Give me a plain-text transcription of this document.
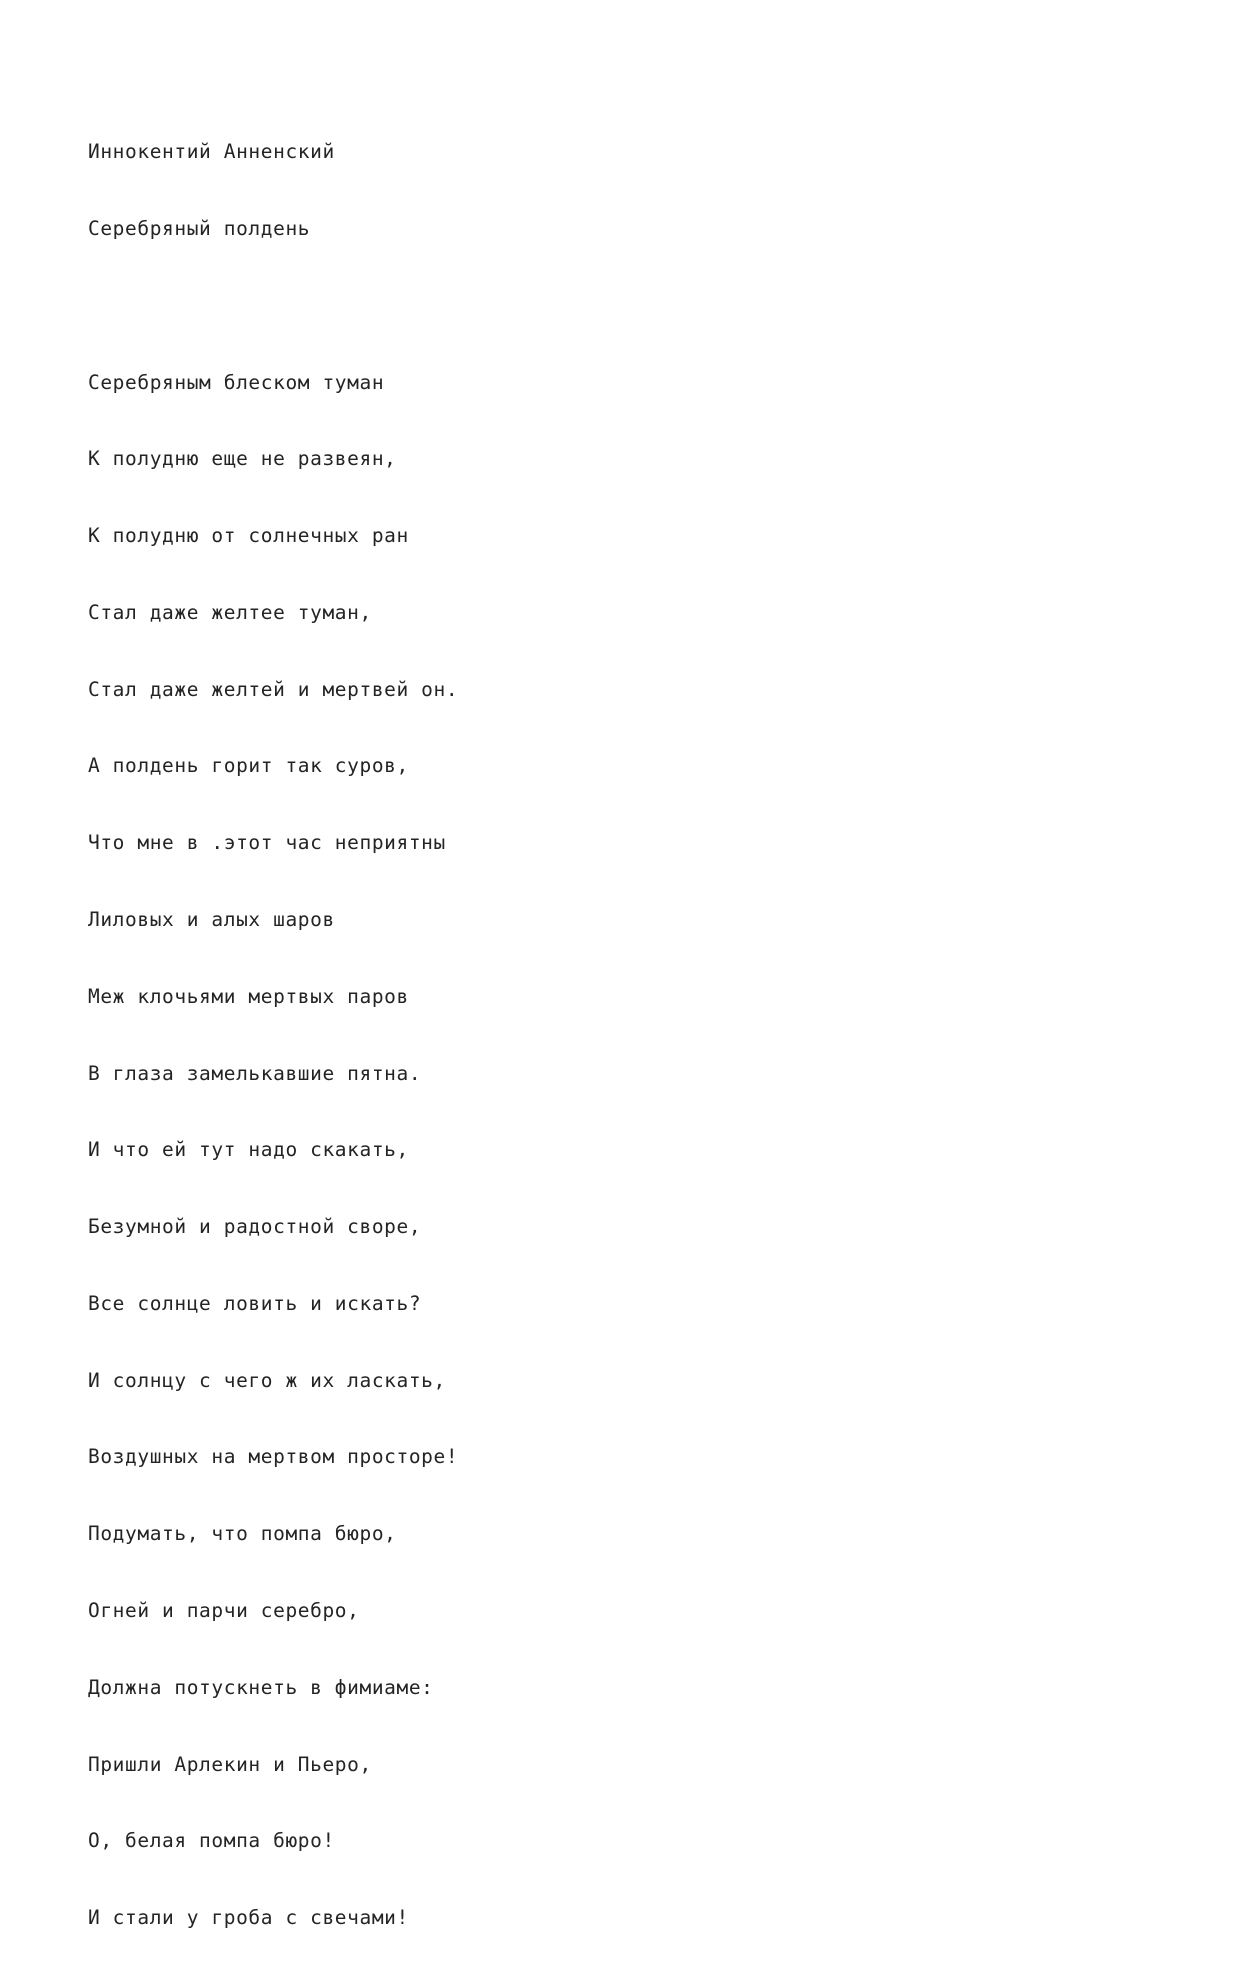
Иннокентий Анненский

Серебряный полдень

Серебряным блеском туман

К полудню еще не развеян,

К полудню от солнечных ран

Стал даже желтее туман,

Стал даже желтей и мертвей он.

А полдень горит так суров,

Что мне в .этот час неприятны

Лиловых и алых шаров

Меж клочьями мертвых паров

В глаза замелькавшие пятна.

И что ей тут надо скакать,

Безумной и радостной своре,

Все солнце ловить и искать?

И солнцу с чего ж их ласкать,

Воздушных на мертвом просторе!

Подумать, что помпа бюро,

Огней и парчи серебро,

Должна потускнеть в фимиаме:

Пришли Арлекин и Пьеро,

О, белая помпа бюро!

И стали у гроба с свечами!
